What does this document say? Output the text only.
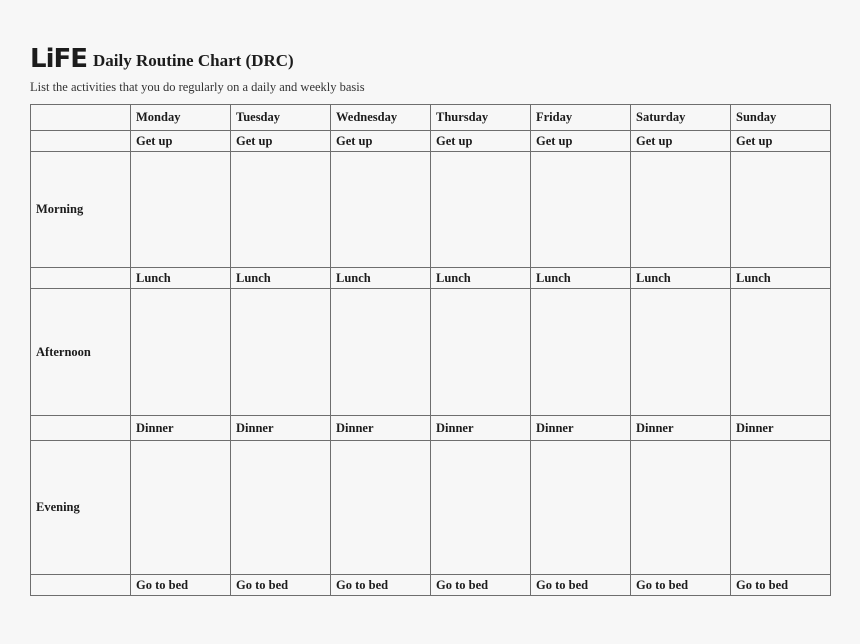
LiFE Daily Routine Chart (DRC)
List the activities that you do regularly on a daily and weekly basis
	Monday	Tuesday	Wednesday	Thursday	Friday	Saturday	Sunday
	Get up	Get up	Get up	Get up	Get up	Get up	Get up
Morning							
	Lunch	Lunch	Lunch	Lunch	Lunch	Lunch	Lunch
Afternoon							
	Dinner	Dinner	Dinner	Dinner	Dinner	Dinner	Dinner
Evening							
	Go to bed	Go to bed	Go to bed	Go to bed	Go to bed	Go to bed	Go to bed
